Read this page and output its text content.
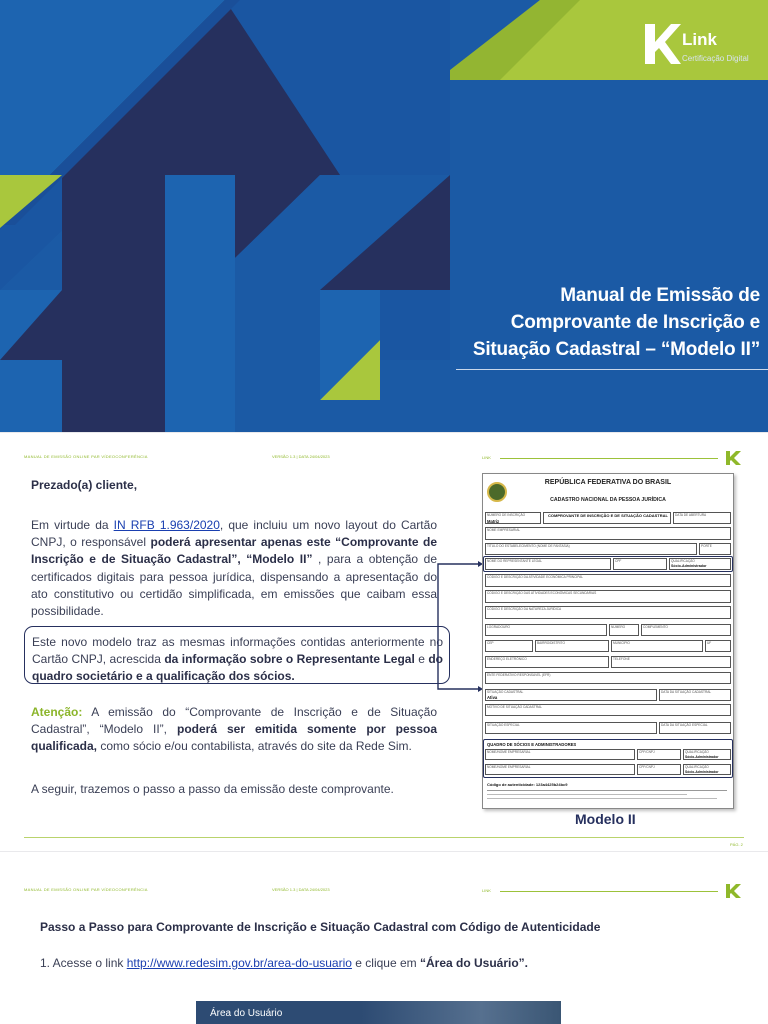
Link
Certificação Digital
Manual de Emissão de
Comprovante de Inscrição e
Situação Cadastral – “Modelo II”
MANUAL DE EMISSÃO ONLINE PAR VÍDEOCONFERÊNCIA	VERSÃO 1.3 | DATA 24/04/2023	LINK

Prezado(a) cliente,

Em virtude da IN RFB 1.963/2020, que incluiu um novo layout do Cartão CNPJ, o responsável poderá apresentar apenas este “Comprovante de Inscrição e de Situação Cadastral”, “Modelo II” , para a obtenção de certificados digitais para pessoa jurídica, dispensando a apresentação do ato constitutivo ou certidão simplificada, em emissões que caibam essa possibilidade.

Este novo modelo traz as mesmas informações contidas anteriormente no Cartão CNPJ, acrescida da informação sobre o Representante Legal e do quadro societário e a qualificação dos sócios.

Atenção: A emissão do “Comprovante de Inscrição e de Situação Cadastral”, “Modelo II”, poderá ser emitida somente por pessoa qualificada, como sócio e/ou contabilista, através do site da Rede Sim.

A seguir, trazemos o passo a passo da emissão deste comprovante.

REPÚBLICA FEDERATIVA DO BRASIL
CADASTRO NACIONAL DA PESSOA JURÍDICA
NÚMERO DE INSCRIÇÃO
Matriz
COMPROVANTE DE INSCRIÇÃO E DE SITUAÇÃO CADASTRAL	DATA DE ABERTURA
NOME EMPRESARIAL
TÍTULO DO ESTABELECIMENTO (NOME DE FANTASIA)	PORTE
NOME DO REPRESENTANTE LEGAL	CPF	QUALIFICAÇÃO
Sócio-Administrador
CÓDIGO E DESCRIÇÃO DA ATIVIDADE ECONÔMICA PRINCIPAL
CÓDIGO E DESCRIÇÃO DAS ATIVIDADES ECONÔMICAS SECUNDÁRIAS
CÓDIGO E DESCRIÇÃO DA NATUREZA JURÍDICA
LOGRADOURO	NÚMERO	COMPLEMENTO
CEP	BAIRRO/DISTRITO	MUNICÍPIO	UF
ENDEREÇO ELETRÔNICO	TELEFONE
ENTE FEDERATIVO RESPONSÁVEL (EFR)
SITUAÇÃO CADASTRAL
Ativa
DATA DA SITUAÇÃO CADASTRAL
MOTIVO DE SITUAÇÃO CADASTRAL
SITUAÇÃO ESPECIAL	DATA DA SITUAÇÃO ESPECIAL
QUADRO DE SÓCIOS E ADMINISTRADORES
NOME/NOME EMPRESARIAL	CPF/CNPJ	QUALIFICAÇÃO
Sócio-Administrador
NOME/NOME EMPRESARIAL	CPF/CNPJ	QUALIFICAÇÃO
Sócio-Administrador
Código de autenticidade: 123a4425b24bc9
Modelo II
PÁG. 2
MANUAL DE EMISSÃO ONLINE PAR VÍDEOCONFERÊNCIA	VERSÃO 1.3 | DATA 24/04/2023	LINK
Passo a Passo para Comprovante de Inscrição e Situação Cadastral com Código de Autenticidade
1. Acesse o link http://www.redesim.gov.br/area-do-usuario e clique em “Área do Usuário”.
Área do Usuário
